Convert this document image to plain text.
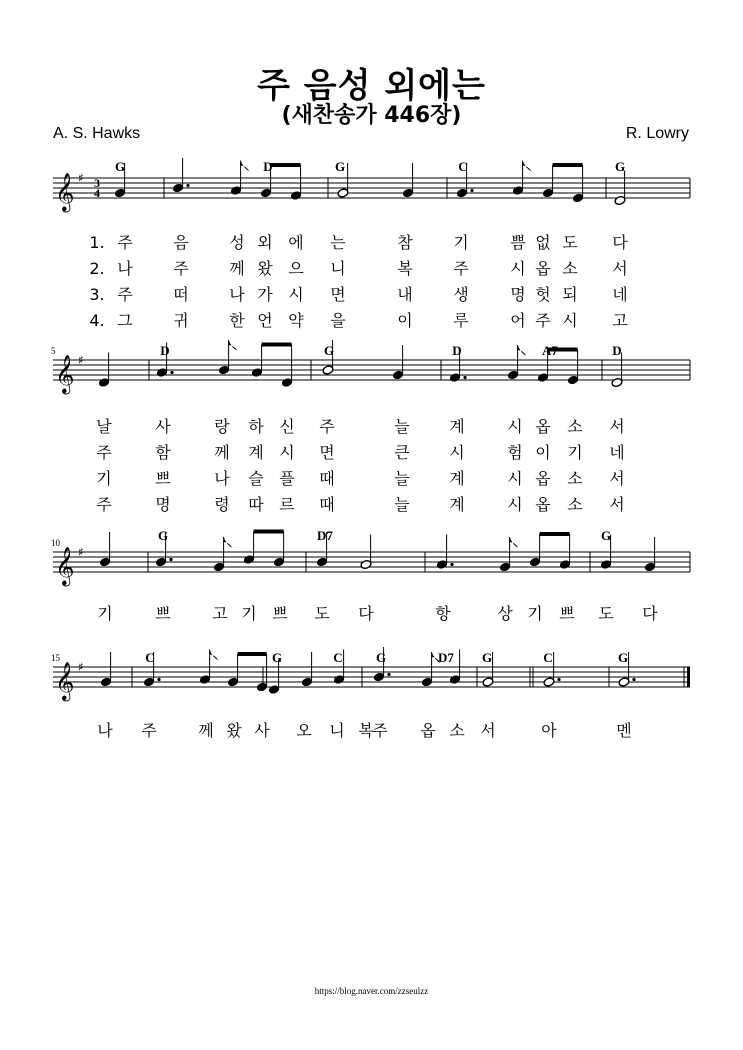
주 음성 외에는
(새찬송가 446장)
A. S. Hawks	R. Lowry
𝄞 ♯ 3
4
G	D	G	C	G
1. 주	음	성 외 에 는	참	기	쁨 없 도 다
2. 나	주	께 왔 으 니	복	주	시 옵 소 서
3. 주	떠	나 가 시 면	내	생	명 헛 되 네
4. 그	귀	한 언 약 을	이	루	어 주 시 고
𝄞 ♯
5	D	G	D	A7	D
날	사	랑 하 신 주	늘 계	시 옵 소 서
주	함	께 계 시 면	큰 시	험 이 기 네
기	쁘	나 슬 플 때	늘 계	시 옵 소 서
주	명	령 따 르 때	늘 계	시 옵 소 서
𝄞 ♯
10	G	D7	G
기	쁘	고 기 쁘 도 다	항	상 기 쁘 도 다
𝄞 ♯
15	C	G	C	G	D7 G	C	G
나 주	께 왔 사 오 니 복
주 옵 소 서	아	멘
https://blog.naver.com/zzseulzz
